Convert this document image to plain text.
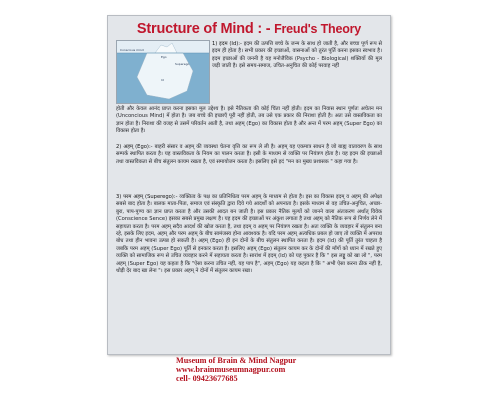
Structure of Mind : - Freud's Theory
Conscious mind
Ego
Superego
Id
1) इदम (Id):- इदम की उत्पत्ति बच्चे के जन्म के साथ हो जाती है, और बच्चा पूर्ण रूप से इदम ही होता है। सभी प्रकार की इच्छाओं, वासनाओं को तुरंत पूर्ति करना इसका स्वभाव है। इदम इच्छाओं की जननी है यह मनोजैविक (Psycho - Biological) शक्तियों की मूल जड़ी जाती है। इसे समय-समाज, उचित-अनुचित की कोई परवाह नहीं
होती और केवल आनंद प्राप्त करना इसका मूल उद्देश्य है। इसे नैतिकता की कोई चिंता नहीं होती। इदम का निवास स्थान पूर्णतः अचेतन मन (Unconcious Mind) में होता है। जब बच्चे की इच्छाएँ पूरी नहीं होती, तब उसे एक प्रकार की निराशा होती है। अतः उसे वास्तविकता का ज्ञान होता है। निराशा की वजह से उसमें परिवर्तन आती है, तथा अहम् (Ego) का विकास होता है और अन्त में परम अहम् (Super Ego) का विकास होता है।
2) अहम् (Ego):- बाहरी संसार व अहम् की व्यवस्था चेतना वृत्ति का रूप ले ली है। अहम् यह एकमात्र साधन है जो बाह्य वातावरण के साथ सम्पर्क स्थापित करता है। यह वास्तविकता के नियम का पालन करता है। इसी के माध्यम से व्यक्ति पर नियंत्रण होता है। यह इदम की इच्छाओं तथा वास्तविकता से बीच संतुलन कायम रखता है, एवं समायोजन करता है। इसलिए इसे इदं "मन का मुख्य प्रशासक " कहा गया है।
3) परम अहम् (Superego):- व्यक्तित्व के पक्ष का प्रतिनिधित्व परम अहम् के माध्यम से होता है। इस का विकास इदम् व अहम् की अपेक्षा सबसे बाद होता है। बालक माता-पिता, समाज एवं संस्कृति द्वारा दिये गये आदर्शों को अपनाता है। इसके माध्यम से वह उचित-अनुचित, अच्छा-बुरा, पाप-पुण्य का ज्ञान प्राप्त करता है और उसकी आदत बन जाती है। इस प्रकार नैतिक मूल्यों को जानने वाला अंतःकरण अर्थात् विवेक (Conscience Sence) इसका सबसे प्रमुख लक्षण है। यह इदम की इच्छाओं पर अंकुश लगाता है तथा अहम् को नैतिक रूप से निर्णय लेने में सहायता करता है। परम अहम् सदैव आदर्श की खोज करता है, तथा इदम् व अहम् पर नियंत्रण रखता है। अतः व्यक्ति के व्यवहार में संतुलन बना रहे, इसके लिए इदम, अहम् और परम अहम् के बीच सामंजस्य होना आवश्यक है। यदि परम अहम् अत्यधिक प्रबल हो जाए तो व्यक्ति में अपराध बोध तथा हीन भावना उत्पन्न हो सकती है। अहम् (Ego) ही इन दोनों के बीच संतुलन स्थापित करता है। इदम (Id) की पूर्ति तुरंत चाहता है जबकि परम अहम् (Super Ego) पूर्ति से इनकार करता है। इसलिए अहम् (Ego) संतुलन कायम कर के दोनों की माँगों को ध्यान में रखते हुए व्यक्ति को सामाजिक रूप से उचित व्यवहार करने में सहायता करता है। सारांश में इदम् (Id) को यह पुकार है कि " इस लड्डू को खा लो ", परम अहम् (Super Ego) यह कहता है कि "ऐसा करना उचित नहीं, यह पाप है", अहम् (Ego) यह कहता है कि " अभी ऐसा करना ठीक नहीं है, थोड़ी देर बाद खा लेना "। इस प्रकार अहम् ने दोनों में संतुलन कायम रखा।
Museum of Brain & Mind Nagpur
www.brainmuseumnagpur.com
cell- 09423677685
